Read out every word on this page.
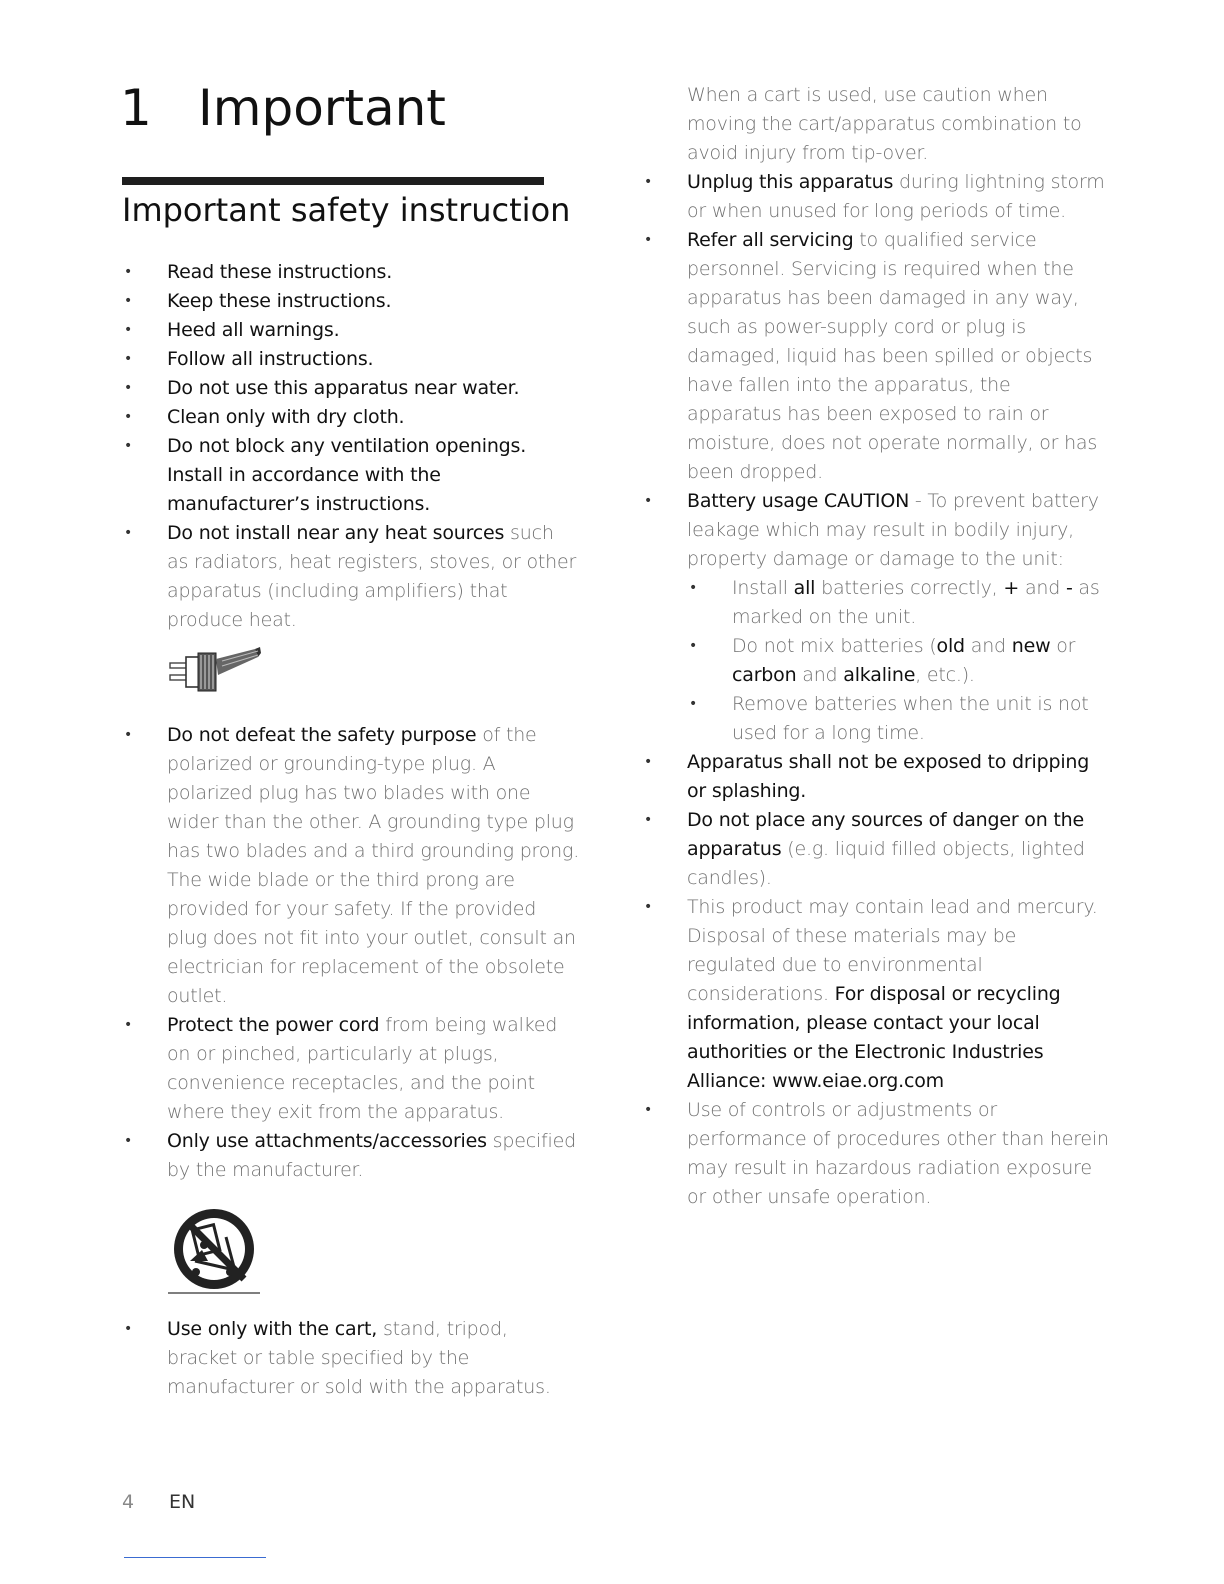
1 Important
Important safety instruction
• Read these instructions.
• Keep these instructions.
• Heed all warnings.
• Follow all instructions.
• Do not use this apparatus near water.
• Clean only with dry cloth.
• Do not block any ventilation openings. Install in accordance with the manufacturer’s instructions.
• Do not install near any heat sources such as radiators, heat registers, stoves, or other apparatus (including amplifiers) that produce heat.
• Do not defeat the safety purpose of the polarized or grounding-type plug. A polarized plug has two blades with one wider than the other. A grounding type plug has two blades and a third grounding prong. The wide blade or the third prong are provided for your safety. If the provided plug does not fit into your outlet, consult an electrician for replacement of the obsolete outlet.
• Protect the power cord from being walked on or pinched, particularly at plugs, convenience receptacles, and the point where they exit from the apparatus.
• Only use attachments/accessories specified by the manufacturer.
• Use only with the cart, stand, tripod, bracket or table specified by the manufacturer or sold with the apparatus.
When a cart is used, use caution when moving the cart/apparatus combination to avoid injury from tip-over.
• Unplug this apparatus during lightning storm or when unused for long periods of time.
• Refer all servicing to qualified service personnel. Servicing is required when the apparatus has been damaged in any way, such as power-supply cord or plug is damaged, liquid has been spilled or objects have fallen into the apparatus, the apparatus has been exposed to rain or moisture, does not operate normally, or has been dropped.
• Battery usage CAUTION - To prevent battery leakage which may result in bodily injury, property damage or damage to the unit:
• Install all batteries correctly, + and - as marked on the unit.
• Do not mix batteries (old and new or carbon and alkaline, etc.).
• Remove batteries when the unit is not used for a long time.
• Apparatus shall not be exposed to dripping or splashing.
• Do not place any sources of danger on the apparatus (e.g. liquid filled objects, lighted candles).
• This product may contain lead and mercury. Disposal of these materials may be regulated due to environmental considerations. For disposal or recycling information, please contact your local authorities or the Electronic Industries Alliance: www.eiae.org.com
• Use of controls or adjustments or performance of procedures other than herein may result in hazardous radiation exposure or other unsafe operation.
4 EN
